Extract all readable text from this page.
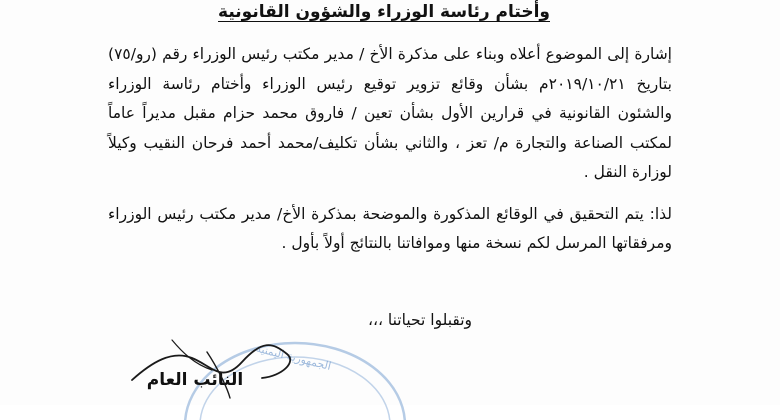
وأختام رئاسة الوزراء والشؤون القانونية

إشارة إلى الموضوع أعلاه وبناء على مذكرة الأخ / مدير مكتب رئيس الوزراء رقم (رو/٧٥) بتاريخ ٢٠١٩/١٠/٢١م بشأن وقائع تزوير توقيع رئيس الوزراء وأختام رئاسة الوزراء والشئون القانونية في قرارين الأول بشأن تعين / فاروق محمد حزام مقبل مديراً عاماً لمكتب الصناعة والتجارة م/ تعز ، والثاني بشأن تكليف/محمد أحمد فرحان النقيب وكيلاً لوزارة النقل .

لذا: يتم التحقيق في الوقائع المذكورة والموضحة بمذكرة الأخ/ مدير مكتب رئيس الوزراء ومرفقاتها المرسل لكم نسخة منها وموافاتنا بالنتائج أولاً بأول .

وتقبلوا تحياتنا ،،،
الجمهورية اليمنية
النائب العام
